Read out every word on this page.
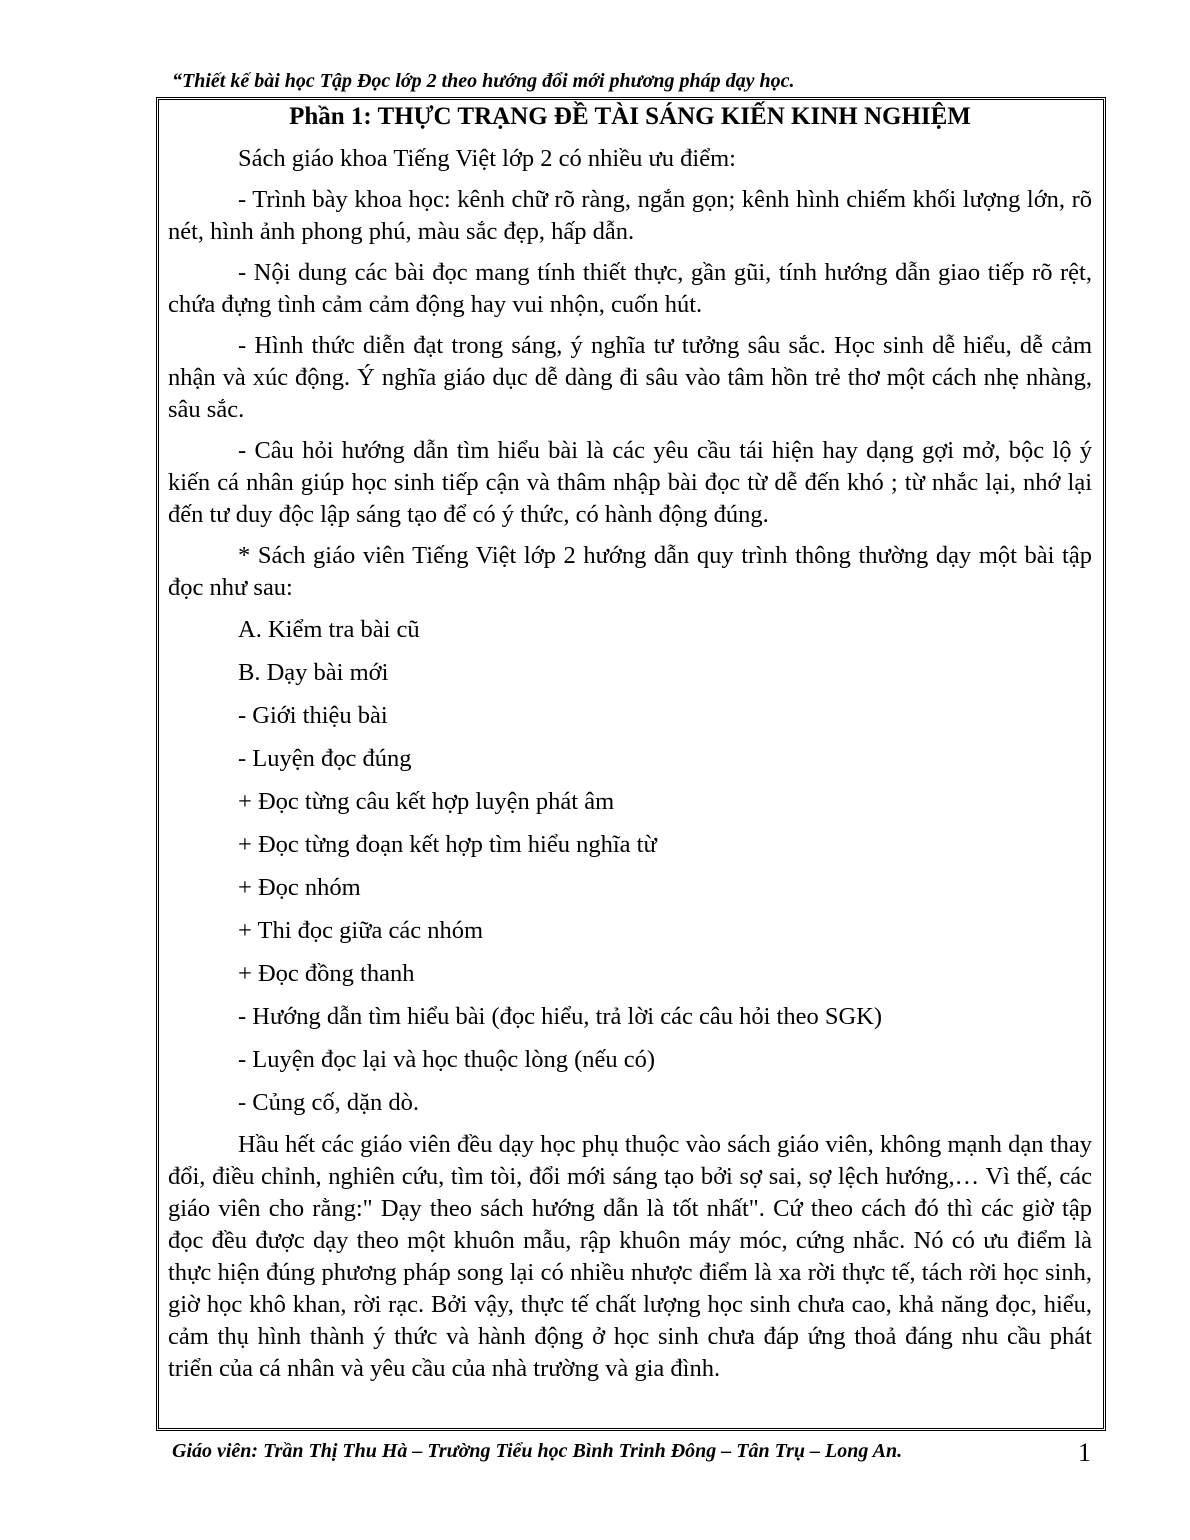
“Thiết kế bài học Tập Đọc lớp 2 theo hướng đổi mới phương pháp dạy học.
Phần 1: THỰC TRẠNG ĐỀ TÀI SÁNG KIẾN KINH NGHIỆM

Sách giáo khoa Tiếng Việt lớp 2 có nhiều ưu điểm:

- Trình bày khoa học: kênh chữ rõ ràng, ngắn gọn; kênh hình chiếm khối lượng lớn, rõ nét, hình ảnh phong phú, màu sắc đẹp, hấp dẫn.

- Nội dung các bài đọc mang tính thiết thực, gần gũi, tính hướng dẫn giao tiếp rõ rệt, chứa đựng tình cảm cảm động hay vui nhộn, cuốn hút.

- Hình thức diễn đạt trong sáng, ý nghĩa tư tưởng sâu sắc. Học sinh dễ hiểu, dễ cảm nhận và xúc động. Ý nghĩa giáo dục dễ dàng đi sâu vào tâm hồn trẻ thơ một cách nhẹ nhàng, sâu sắc.

- Câu hỏi hướng dẫn tìm hiểu bài là các yêu cầu tái hiện hay dạng gợi mở, bộc lộ ý kiến cá nhân giúp học sinh tiếp cận và thâm nhập bài đọc từ dễ đến khó ; từ nhắc lại, nhớ lại đến tư duy độc lập sáng tạo để có ý thức, có hành động đúng.

* Sách giáo viên Tiếng Việt lớp 2 hướng dẫn quy trình thông thường dạy một bài tập đọc như sau:

A. Kiểm tra bài cũ

B. Dạy bài mới

- Giới thiệu bài

- Luyện đọc đúng

+ Đọc từng câu kết hợp luyện phát âm

+ Đọc từng đoạn kết hợp tìm hiểu nghĩa từ

+ Đọc nhóm

+ Thi đọc giữa các nhóm

+ Đọc đồng thanh

- Hướng dẫn tìm hiểu bài (đọc hiểu, trả lời các câu hỏi theo SGK)

- Luyện đọc lại và học thuộc lòng (nếu có)

- Củng cố, dặn dò.

Hầu hết các giáo viên đều dạy học phụ thuộc vào sách giáo viên, không mạnh dạn thay đổi, điều chỉnh, nghiên cứu, tìm tòi, đổi mới sáng tạo bởi sợ sai, sợ lệch hướng,… Vì thế, các giáo viên cho rằng:" Dạy theo sách hướng dẫn là tốt nhất". Cứ theo cách đó thì các giờ tập đọc đều được dạy theo một khuôn mẫu, rập khuôn máy móc, cứng nhắc. Nó có ưu điểm là thực hiện đúng phương pháp song lại có nhiều nhược điểm là xa rời thực tế, tách rời học sinh, giờ học khô khan, rời rạc. Bởi vậy, thực tế chất lượng học sinh chưa cao, khả năng đọc, hiểu, cảm thụ hình thành ý thức và hành động ở học sinh chưa đáp ứng thoả đáng nhu cầu phát triển của cá nhân và yêu cầu của nhà trường và gia đình.

Giáo viên: Trần Thị Thu Hà – Trường Tiểu học Bình Trinh Đông – Tân Trụ – Long An.	1
